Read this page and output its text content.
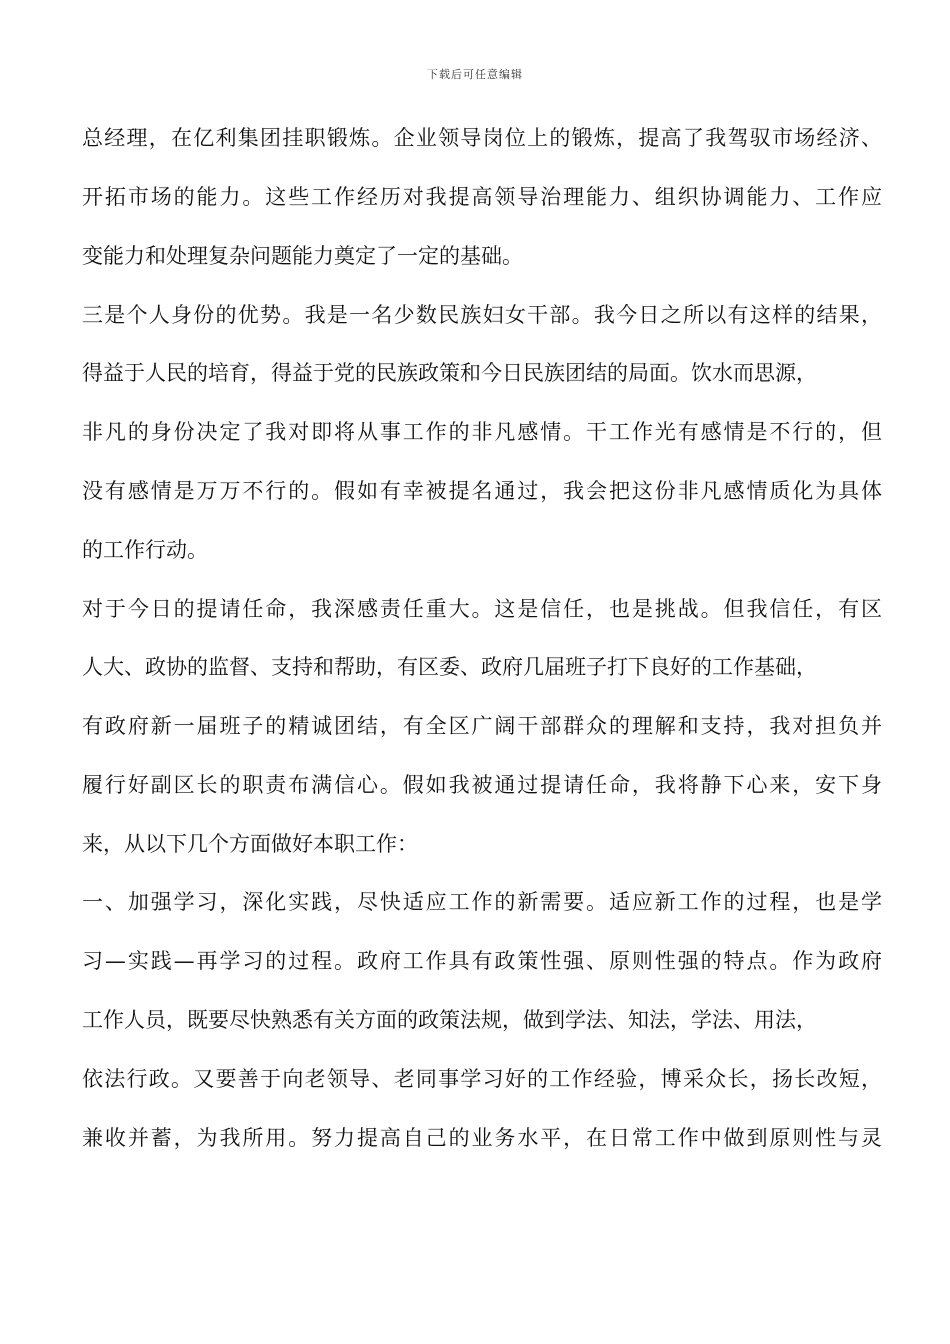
下载后可任意编辑
总经理，在亿利集团挂职锻炼。企业领导岗位上的锻炼，提高了我驾驭市场经济、
开拓市场的能力。这些工作经历对我提高领导治理能力、组织协调能力、工作应
变能力和处理复杂问题能力奠定了一定的基础。
三是个人身份的优势。我是一名少数民族妇女干部。我今日之所以有这样的结果，
得益于人民的培育，得益于党的民族政策和今日民族团结的局面。饮水而思源，
非凡的身份决定了我对即将从事工作的非凡感情。干工作光有感情是不行的，但
没有感情是万万不行的。假如有幸被提名通过，我会把这份非凡感情质化为具体
的工作行动。
对于今日的提请任命，我深感责任重大。这是信任，也是挑战。但我信任，有区
人大、政协的监督、支持和帮助，有区委、政府几届班子打下良好的工作基础，
有政府新一届班子的精诚团结，有全区广阔干部群众的理解和支持，我对担负并
履行好副区长的职责布满信心。假如我被通过提请任命，我将静下心来，安下身
来，从以下几个方面做好本职工作：
一、加强学习，深化实践，尽快适应工作的新需要。适应新工作的过程，也是学
习—实践—再学习的过程。政府工作具有政策性强、原则性强的特点。作为政府
工作人员，既要尽快熟悉有关方面的政策法规，做到学法、知法，学法、用法，
依法行政。又要善于向老领导、老同事学习好的工作经验，博采众长，扬长改短，
兼收并蓄，为我所用。努力提高自己的业务水平，在日常工作中做到原则性与灵
